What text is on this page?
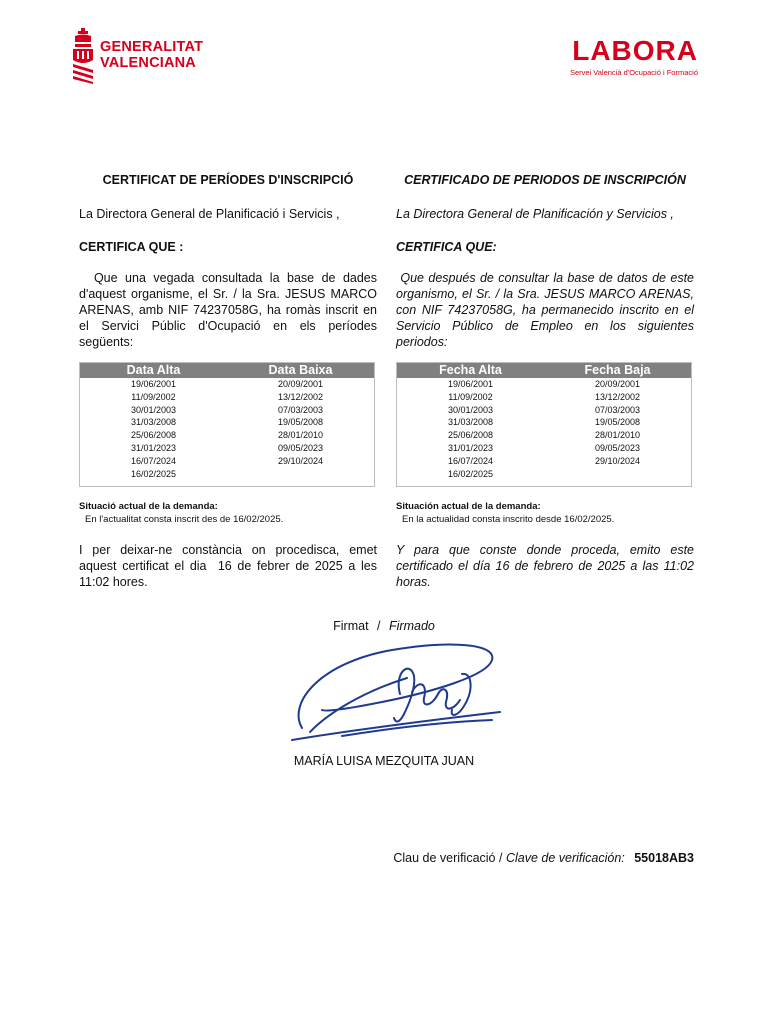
GENERALITAT
VALENCIANA	LABORA
Servei Valencià d'Ocupació i Formació
CERTIFICAT DE PERÍODES D'INSCRIPCIÓ
La Directora General de Planificació i Servicis ,
CERTIFICA QUE :
Que una vegada consultada la base de dades d'aquest organisme, el Sr. / la Sra. JESUS MARCO ARENAS, amb NIF 74237058G, ha romàs inscrit en el Servici Públic d'Ocupació en els períodes següents:
Data Alta	Data Baixa
19/06/2001	20/09/2001
11/09/2002	13/12/2002
30/01/2003	07/03/2003
31/03/2008	19/05/2008
25/06/2008	28/01/2010
31/01/2023	09/05/2023
16/07/2024	29/10/2024
16/02/2025
Situació actual de la demanda:
En l'actualitat consta inscrit des de 16/02/2025.
I per deixar-ne constància on procedisca, emet aquest certificat el dia  16 de febrer de 2025 a les 11:02 hores.
CERTIFICADO DE PERIODOS DE INSCRIPCIÓN
La Directora General de Planificación y Servicios ,
CERTIFICA QUE:
Que después de consultar la base de datos de este organismo, el Sr. / la Sra. JESUS MARCO ARENAS, con NIF 74237058G, ha permanecido inscrito en el Servicio Público de Empleo en los siguientes periodos:
Fecha Alta	Fecha Baja
19/06/2001	20/09/2001
11/09/2002	13/12/2002
30/01/2003	07/03/2003
31/03/2008	19/05/2008
25/06/2008	28/01/2010
31/01/2023	09/05/2023
16/07/2024	29/10/2024
16/02/2025
Situación actual de la demanda:
En la actualidad consta inscrito desde 16/02/2025.
Y para que conste donde proceda, emito este certificado el día 16 de febrero de 2025 a las 11:02 horas.
Firmat / Firmado
MARÍA LUISA MEZQUITA JUAN
Clau de verificació / Clave de verificación: 55018AB3
